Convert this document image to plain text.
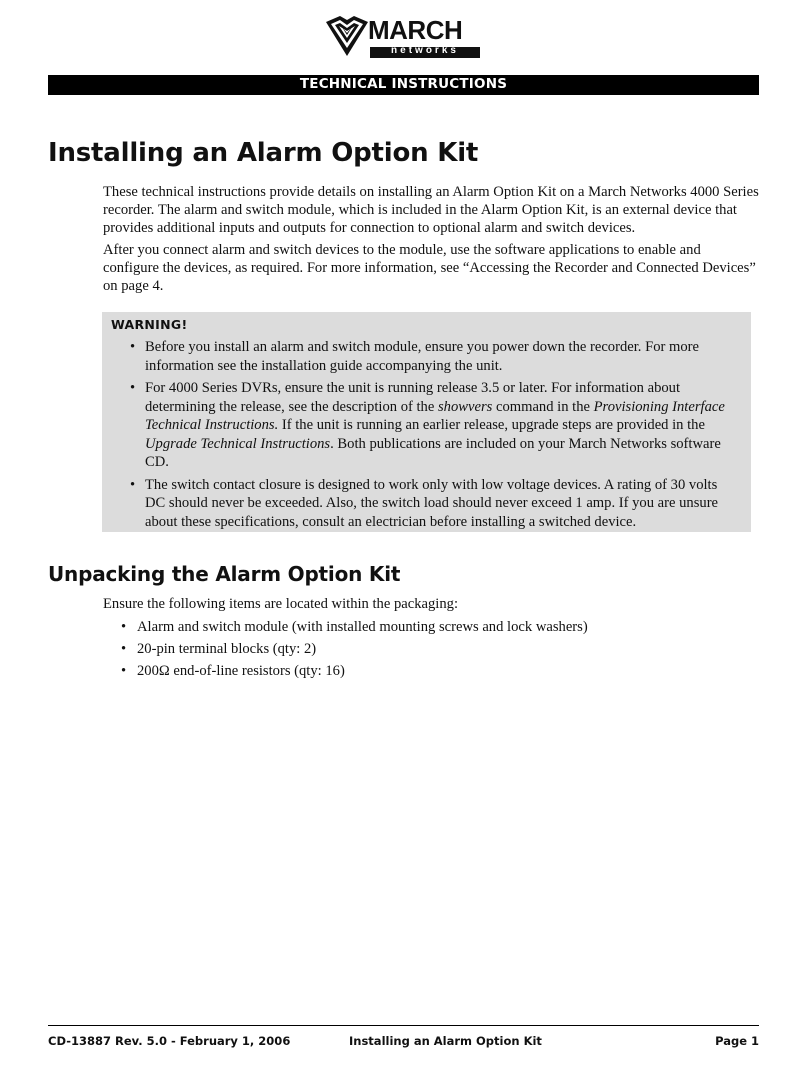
MARCH
networks
TECHNICAL INSTRUCTIONS
Installing an Alarm Option Kit

These technical instructions provide details on installing an Alarm Option Kit on a March Networks 4000 Series recorder. The alarm and switch module, which is included in the Alarm Option Kit, is an external device that provides additional inputs and outputs for connection to optional alarm and switch devices.

After you connect alarm and switch devices to the module, use the software applications to enable and configure the devices, as required. For more information, see “Accessing the Recorder and Connected Devices” on page 4.

WARNING!
• Before you install an alarm and switch module, ensure you power down the recorder. For more information see the installation guide accompanying the unit.
• For 4000 Series DVRs, ensure the unit is running release 3.5 or later. For information about determining the release, see the description of the showvers command in the Provisioning Interface Technical Instructions. If the unit is running an earlier release, upgrade steps are provided in the Upgrade Technical Instructions. Both publications are included on your March Networks software CD.
• The switch contact closure is designed to work only with low voltage devices. A rating of 30 volts DC should never be exceeded. Also, the switch load should never exceed 1 amp. If you are unsure about these specifications, consult an electrician before installing a switched device.
Unpacking the Alarm Option Kit

Ensure the following items are located within the packaging:

• Alarm and switch module (with installed mounting screws and lock washers)
• 20-pin terminal blocks (qty: 2)
• 200Ω end-of-line resistors (qty: 16)
CD-13887 Rev. 5.0 - February 1, 2006	Installing an Alarm Option Kit	Page 1
